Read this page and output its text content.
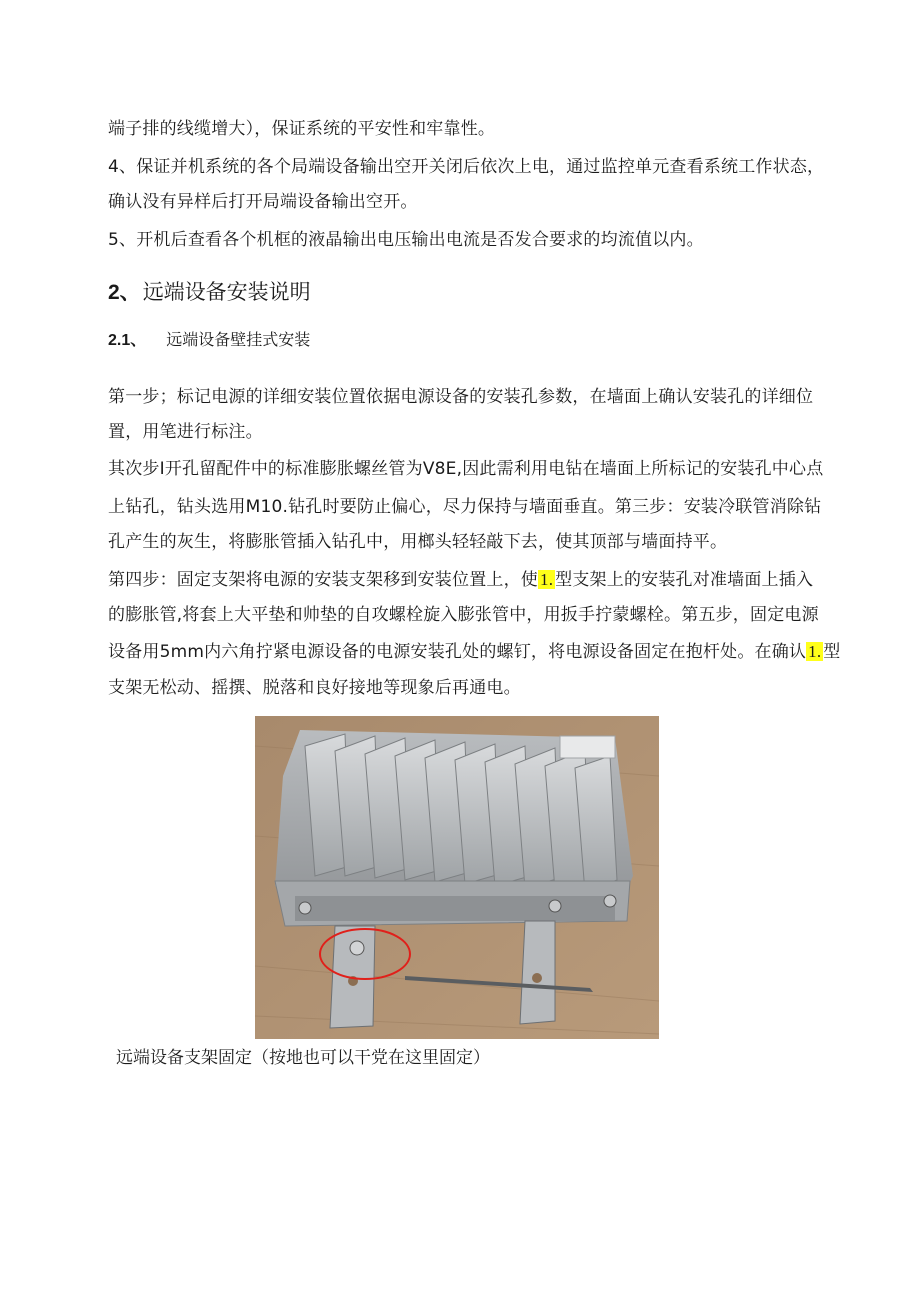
端子排的线缆增大），保证系统的平安性和牢靠性。
4、保证并机系统的各个局端设备输出空开关闭后依次上电，通过监控单元查看系统工作状态，
确认没有异样后打开局端设备输出空开。
5、开机后查看各个机框的液晶输出电压输出电流是否发合要求的均流值以内。
2、远端设备安装说明
2.1、 远端设备壁挂式安装
第一步；标记电源的详细安装位置依据电源设备的安装孔参数，在墙面上确认安装孔的详细位
置，用笔进行标注。
其次步I开孔留配件中的标准膨胀螺丝管为V8E,因此需利用电钻在墙面上所标记的安装孔中心点
上钻孔，钻头选用M10.钻孔时要防止偏心，尽力保持与墙面垂直。第三步：安装冷联管消除钻
孔产生的灰生，将膨胀管插入钻孔中，用榔头轻轻敲下去，使其顶部与墙面持平。
第四步：固定支架将电源的安装支架移到安装位置上，使 1. 型支架上的安装孔对准墙面上插入
的膨胀管,将套上大平垫和帅垫的自攻螺栓旋入膨张管中，用扳手拧蒙螺栓。第五步，固定电源
设备用5mm内六角拧紧电源设备的电源安装孔处的螺钉，将电源设备固定在抱杆处。在确认 1. 型
支架无松动、摇撰、脱落和良好接地等现象后再通电。
远端设备支架固定（按地也可以干党在这里固定）
